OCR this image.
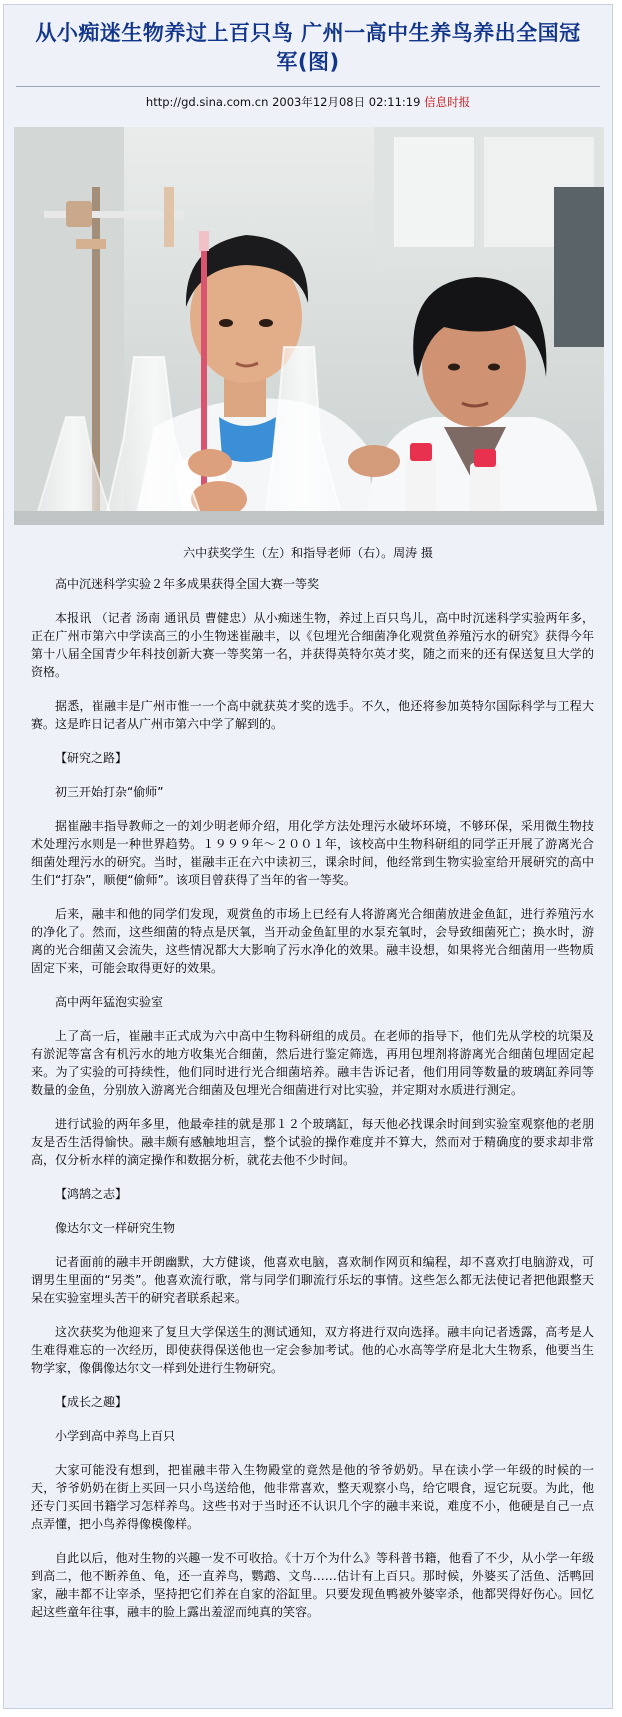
从小痴迷生物养过上百只鸟 广州一高中生养鸟养出全国冠军(图)
http://gd.sina.com.cn 2003年12月08日 02:11:19 信息时报
六中获奖学生（左）和指导老师（右）。周涛 摄

高中沉迷科学实验２年多成果获得全国大赛一等奖

本报讯 （记者 汤南 通讯员 曹健忠）从小痴迷生物，养过上百只鸟儿，高中时沉迷科学实验两年多，正在广州市第六中学读高三的小生物迷崔融丰，以《包埋光合细菌净化观赏鱼养殖污水的研究》获得今年第十八届全国青少年科技创新大赛一等奖第一名，并获得英特尔英才奖，随之而来的还有保送复旦大学的资格。

据悉，崔融丰是广州市惟一一个高中就获英才奖的选手。不久，他还将参加英特尔国际科学与工程大赛。这是昨日记者从广州市第六中学了解到的。

【研究之路】

初三开始打杂“偷师”

据崔融丰指导教师之一的刘少明老师介绍，用化学方法处理污水破坏环境，不够环保，采用微生物技术处理污水则是一种世界趋势。１９９９年～２００１年，该校高中生物科研组的同学正开展了游离光合细菌处理污水的研究。当时，崔融丰正在六中读初三，课余时间，他经常到生物实验室给开展研究的高中生们“打杂”，顺便“偷师”。该项目曾获得了当年的省一等奖。

后来，融丰和他的同学们发现，观赏鱼的市场上已经有人将游离光合细菌放进金鱼缸，进行养殖污水的净化了。然而，这些细菌的特点是厌氧，当开动金鱼缸里的水泵充氧时，会导致细菌死亡；换水时，游离的光合细菌又会流失，这些情况都大大影响了污水净化的效果。融丰设想，如果将光合细菌用一些物质固定下来，可能会取得更好的效果。

高中两年猛泡实验室

上了高一后，崔融丰正式成为六中高中生物科研组的成员。在老师的指导下，他们先从学校的坑渠及有淤泥等富含有机污水的地方收集光合细菌，然后进行鉴定筛选，再用包埋剂将游离光合细菌包埋固定起来。为了实验的可持续性，他们同时进行光合细菌培养。融丰告诉记者，他们用同等数量的玻璃缸养同等数量的金鱼，分别放入游离光合细菌及包埋光合细菌进行对比实验，并定期对水质进行测定。

进行试验的两年多里，他最牵挂的就是那１２个玻璃缸，每天他必找课余时间到实验室观察他的老朋友是否生活得愉快。融丰颇有感触地坦言，整个试验的操作难度并不算大，然而对于精确度的要求却非常高，仅分析水样的滴定操作和数据分析，就花去他不少时间。

【鸿鹄之志】

像达尔文一样研究生物

记者面前的融丰开朗幽默，大方健谈，他喜欢电脑，喜欢制作网页和编程，却不喜欢打电脑游戏，可谓男生里面的“另类”。他喜欢流行歌，常与同学们聊流行乐坛的事情。这些怎么都无法使记者把他跟整天呆在实验室埋头苦干的研究者联系起来。

这次获奖为他迎来了复旦大学保送生的测试通知，双方将进行双向选择。融丰向记者透露，高考是人生难得难忘的一次经历，即使获得保送他也一定会参加考试。他的心水高等学府是北大生物系，他要当生物学家，像偶像达尔文一样到处进行生物研究。

【成长之趣】

小学到高中养鸟上百只

大家可能没有想到，把崔融丰带入生物殿堂的竟然是他的爷爷奶奶。早在读小学一年级的时候的一天，爷爷奶奶在街上买回一只小鸟送给他，他非常喜欢，整天观察小鸟，给它喂食，逗它玩耍。为此，他还专门买回书籍学习怎样养鸟。这些书对于当时还不认识几个字的融丰来说，难度不小，他硬是自己一点点弄懂，把小鸟养得像模像样。

自此以后，他对生物的兴趣一发不可收拾。《十万个为什么》等科普书籍，他看了不少，从小学一年级到高二，他不断养鱼、龟，还一直养鸟，鹦鹉、文鸟……估计有上百只。那时候，外婆买了活鱼、活鸭回家，融丰都不让宰杀，坚持把它们养在自家的浴缸里。只要发现鱼鸭被外婆宰杀，他都哭得好伤心。回忆起这些童年往事，融丰的脸上露出羞涩而纯真的笑容。
